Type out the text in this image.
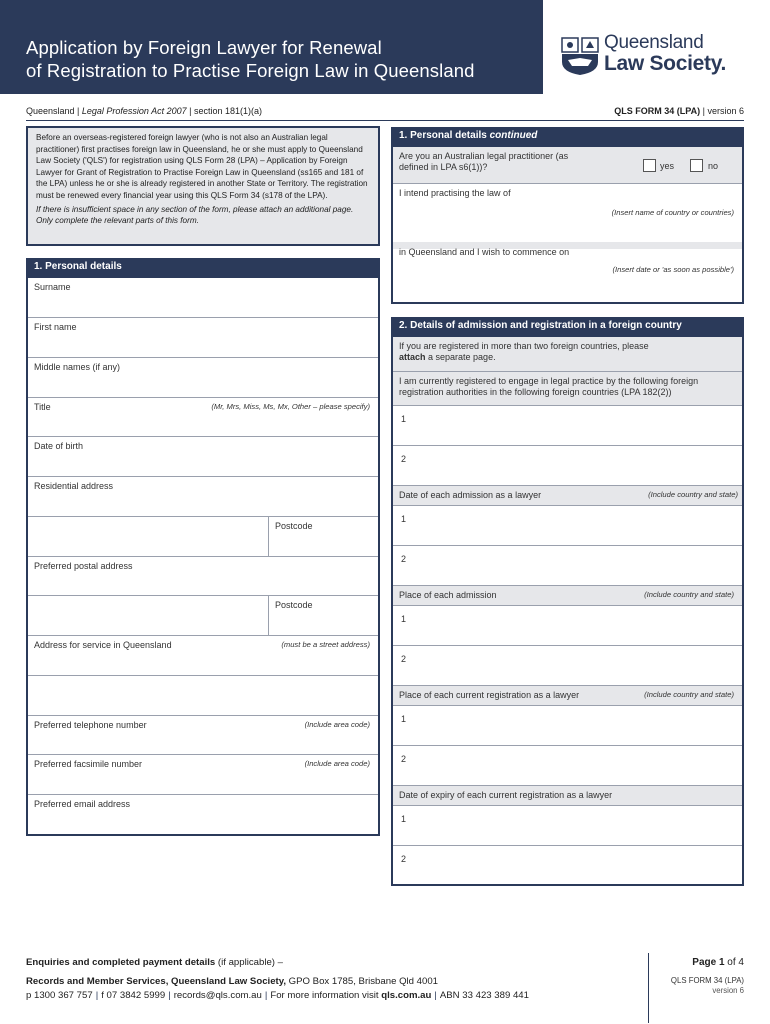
Application by Foreign Lawyer for Renewal
of Registration to Practise Foreign Law in Queensland
Queensland
Law Society.
Queensland | Legal Profession Act 2007 | section 181(1)(a)	QLS FORM 34 (LPA) | version 6
Before an overseas-registered foreign lawyer (who is not also an Australian legal practitioner) first practises foreign law in Queensland, he or she must apply to Queensland Law Society ('QLS') for registration using QLS Form 28 (LPA) – Application by Foreign Lawyer for Grant of Registration to Practise Foreign Law in Queensland (ss165 and 181 of the LPA) unless he or she is already registered in another State or Territory. The registration must be renewed every financial year using this QLS Form 34 (s178 of the LPA).
If there is insufficient space in any section of the form, please attach an additional page. Only complete the relevant parts of this form.
1. Personal details
Surname
First name
Middle names (if any)
Title	(Mr, Mrs, Miss, Ms, Mx, Other – please specify)
Date of birth
Residential address
Postcode
Preferred postal address
Postcode
Address for service in Queensland	(must be a street address)
Preferred telephone number	(Include area code)
Preferred facsimile number	(Include area code)
Preferred email address
1. Personal details continued
Are you an Australian legal practitioner (as defined in LPA s6(1))?	yes	no
I intend practising the law of
(Insert name of country or countries)
in Queensland and I wish to commence on
(Insert date or 'as soon as possible')
2. Details of admission and registration in a foreign country
If you are registered in more than two foreign countries, please attach a separate page.
I am currently registered to engage in legal practice by the following foreign registration authorities in the following foreign countries (LPA 182(2))
1
2
Date of each admission as a lawyer	(Include country and state)
1
2
Place of each admission	(Include country and state)
1
2
Place of each current registration as a lawyer	(Include country and state)
1
2
Date of expiry of each current registration as a lawyer
1
2
Enquiries and completed payment details (if applicable) –
Records and Member Services, Queensland Law Society, GPO Box 1785, Brisbane Qld 4001
p 1300 367 757 | f 07 3842 5999 | records@qls.com.au | For more information visit qls.com.au | ABN 33 423 389 441
Page 1 of 4
QLS FORM 34 (LPA)
version 6
